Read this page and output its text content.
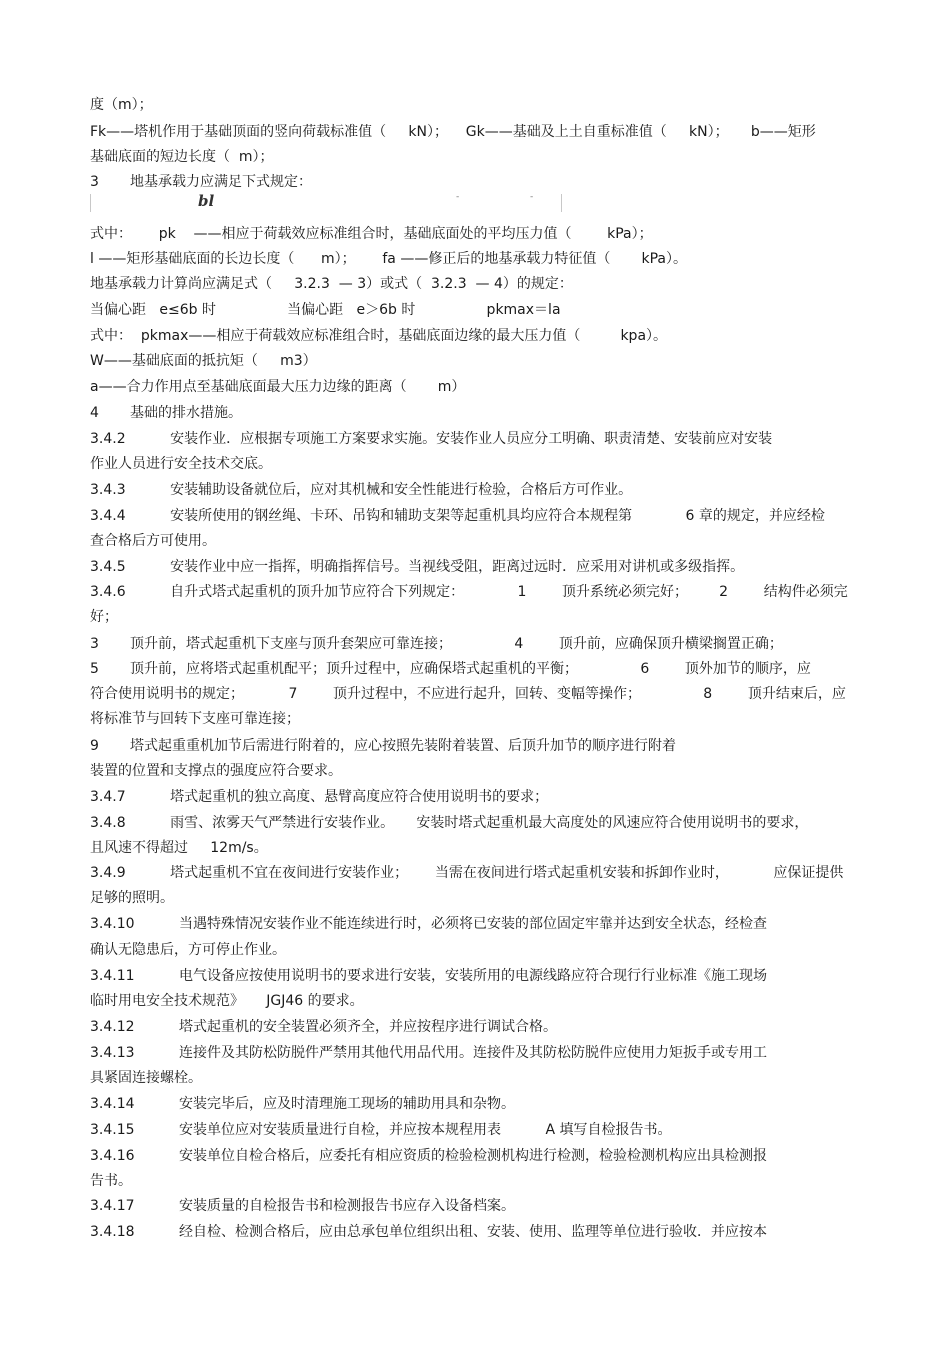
度（m）；
Fk——塔机作用于基础顶面的竖向荷载标准值（     kN）；    Gk——基础及上土自重标准值（     kN）；     b——矩形
基础底面的短边长度（  m）；
3       地基承载力应满足下式规定：
bl	-	-
式中：      pk    ——相应于荷载效应标准组合时，基础底面处的平均压力值（        kPa）；
l ——矩形基础底面的长边长度（      m）；      fa ——修正后的地基承载力特征值（       kPa）。
地基承载力计算尚应满足式（     3.2.3  — 3）或式（  3.2.3  — 4）的规定：
当偏心距   e≤6b 时                当偏心距   e＞6b 时                pkmax＝la
式中：  pkmax——相应于荷载效应标准组合时，基础底面边缘的最大压力值（         kpa）。
W——基础底面的抵抗矩（     m3）
a——合力作用点至基础底面最大压力边缘的距离（       m）
4       基础的排水措施。
3.4.2          安装作业．应根据专项施工方案要求实施。安装作业人员应分工明确、职责清楚、安装前应对安装
作业人员进行安全技术交底。
3.4.3          安装辅助设备就位后，应对其机械和安全性能进行检验，合格后方可作业。
3.4.4          安装所使用的钢丝绳、卡环、吊钩和辅助支架等起重机具均应符合本规程第            6 章的规定，并应经检
查合格后方可使用。
3.4.5          安装作业中应一指挥，明确指挥信号。当视线受阻，距离过远时．应采用对讲机或多级指挥。
3.4.6          自升式塔式起重机的顶升加节应符合下列规定：            1        顶升系统必须完好；       2        结构件必须完
好；
3       顶升前，塔式起重机下支座与顶升套架应可靠连接；              4        顶升前，应确保顶升横梁搁置正确；
5       顶升前，应将塔式起重机配平；顶升过程中，应确保塔式起重机的平衡；              6        顶外加节的顺序，应
符合使用说明书的规定；          7        顶升过程中，不应进行起升，回转、变幅等操作；              8        顶升结束后，应
将标准节与回转下支座可靠连接；
9       塔式起重重机加节后需进行附着的，应心按照先装附着装置、后顶升加节的顺序进行附着
装置的位置和支撑点的强度应符合要求。
3.4.7          塔式起重机的独立高度、悬臂高度应符合使用说明书的要求；
3.4.8          雨雪、浓雾天气严禁进行安装作业。     安装时塔式起重机最大高度处的风速应符合使用说明书的要求，
且风速不得超过     12m/s。
3.4.9          塔式起重机不宜在夜间进行安装作业；      当需在夜间进行塔式起重机安装和拆卸作业时，          应保证提供
足够的照明。
3.4.10          当遇特殊情况安装作业不能连续进行时，必须将已安装的部位固定牢靠并达到安全状态，经检查
确认无隐患后，方可停止作业。
3.4.11          电气设备应按使用说明书的要求进行安装，安装所用的电源线路应符合现行行业标准《施工现场
临时用电安全技术规范》     JGJ46 的要求。
3.4.12          塔式起重机的安全装置必须齐全，并应按程序进行调试合格。
3.4.13          连接件及其防松防脱件严禁用其他代用品代用。连接件及其防松防脱件应使用力矩扳手或专用工
具紧固连接螺栓。
3.4.14          安装完毕后，应及时清理施工现场的辅助用具和杂物。
3.4.15          安装单位应对安装质量进行自检，并应按本规程用表          A 填写自检报告书。
3.4.16          安装单位自检合格后，应委托有相应资质的检验检测机构进行检测，检验检测机构应出具检测报
告书。
3.4.17          安装质量的自检报告书和检测报告书应存入设备档案。
3.4.18          经自检、检测合格后，应由总承包单位组织出租、安装、使用、监理等单位进行验收．并应按本
